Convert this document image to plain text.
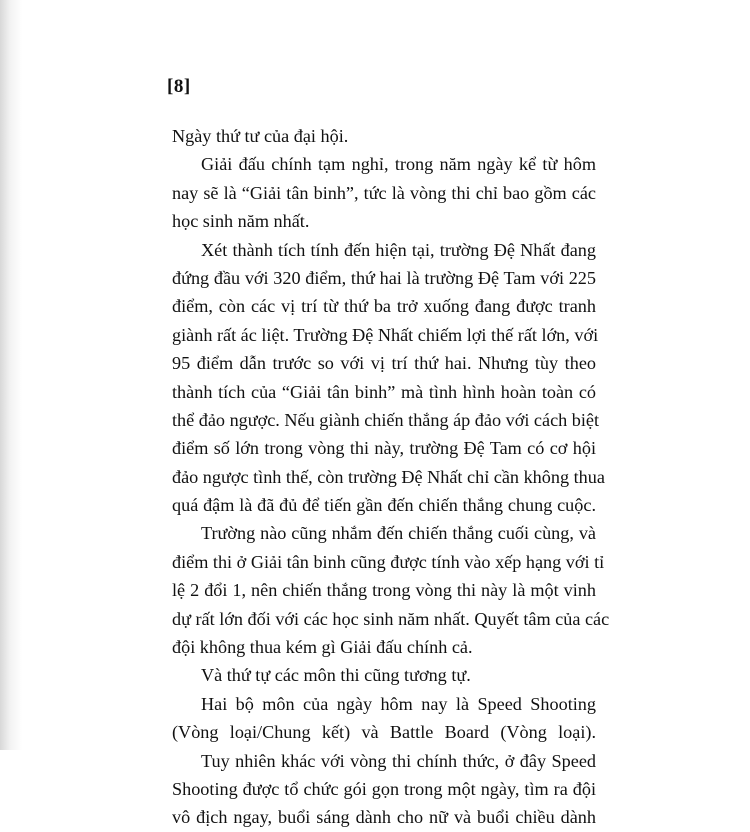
[8]
Ngày thứ tư của đại hội.
Giải đấu chính tạm nghỉ, trong năm ngày kể từ hôm
nay sẽ là “Giải tân binh”, tức là vòng thi chỉ bao gồm các
học sinh năm nhất.
Xét thành tích tính đến hiện tại, trường Đệ Nhất đang
đứng đầu với 320 điểm, thứ hai là trường Đệ Tam với 225
điểm, còn các vị trí từ thứ ba trở xuống đang được tranh
giành rất ác liệt. Trường Đệ Nhất chiếm lợi thế rất lớn, với
95 điểm dẫn trước so với vị trí thứ hai. Nhưng tùy theo
thành tích của “Giải tân binh” mà tình hình hoàn toàn có
thể đảo ngược. Nếu giành chiến thắng áp đảo với cách biệt
điểm số lớn trong vòng thi này, trường Đệ Tam có cơ hội
đảo ngược tình thế, còn trường Đệ Nhất chỉ cần không thua
quá đậm là đã đủ để tiến gần đến chiến thắng chung cuộc.
Trường nào cũng nhắm đến chiến thắng cuối cùng, và
điểm thi ở Giải tân binh cũng được tính vào xếp hạng với tỉ
lệ 2 đổi 1, nên chiến thắng trong vòng thi này là một vinh
dự rất lớn đối với các học sinh năm nhất. Quyết tâm của các
đội không thua kém gì Giải đấu chính cả.
Và thứ tự các môn thi cũng tương tự.
Hai bộ môn của ngày hôm nay là Speed Shooting
(Vòng loại/Chung kết) và Battle Board (Vòng loại).
Tuy nhiên khác với vòng thi chính thức, ở đây Speed
Shooting được tổ chức gói gọn trong một ngày, tìm ra đội
vô địch ngay, buổi sáng dành cho nữ và buổi chiều dành
